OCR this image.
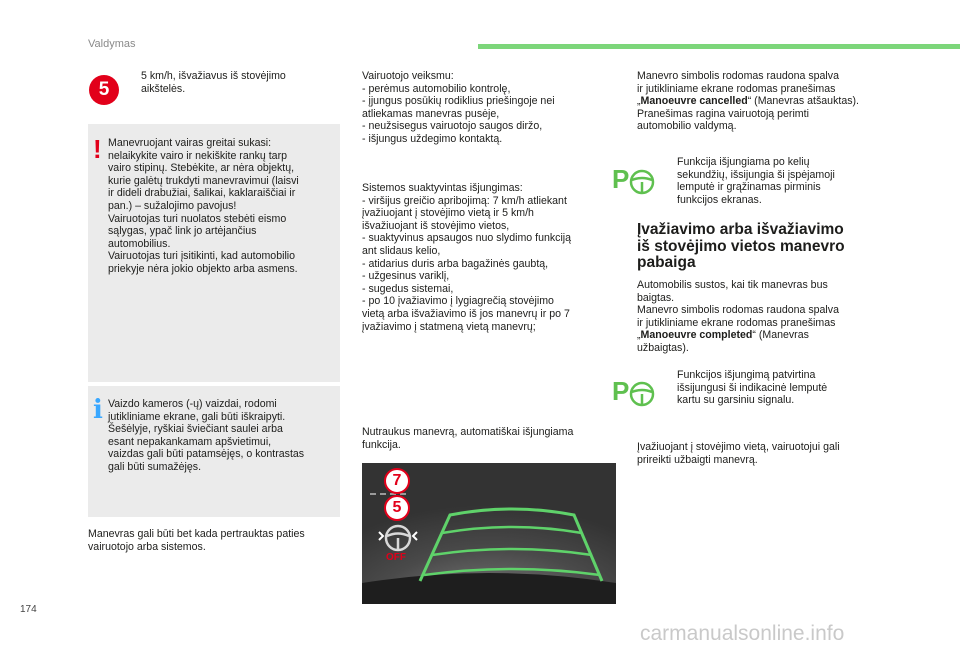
Valdymas
5
5 km/h, išvažiavus iš stovėjimo
aikštelės.
! Manevruojant vairas greitai sukasi:
nelaikykite vairo ir nekiškite rankų tarp
vairo stipinų. Stebėkite, ar nėra objektų,
kurie galėtų trukdyti manevravimui (laisvi
ir dideli drabužiai, šalikai, kaklaraiščiai ir
pan.) – sužalojimo pavojus!
Vairuotojas turi nuolatos stebėti eismo
sąlygas, ypač link jo artėjančius
automobilius.
Vairuotojas turi įsitikinti, kad automobilio
priekyje nėra jokio objekto arba asmens.
i Vaizdo kameros (-ų) vaizdai, rodomi
jutikliniame ekrane, gali būti iškraipyti.
Šešėlyje, ryškiai šviečiant saulei arba
esant nepakankamam apšvietimui,
vaizdas gali būti patamsėjęs, o kontrastas
gali būti sumažėjęs.
Manevras gali būti bet kada pertrauktas paties
vairuotojo arba sistemos.
Vairuotojo veiksmu:
- perėmus automobilio kontrolę,
- įjungus posūkių rodiklius priešingoje nei
atliekamas manevras pusėje,
- neužsisegus vairuotojo saugos diržo,
- išjungus uždegimo kontaktą.
Sistemos suaktyvintas išjungimas:
- viršijus greičio apribojimą: 7 km/h atliekant
įvažiuojant į stovėjimo vietą ir 5 km/h
išvažiuojant iš stovėjimo vietos,
- suaktyvinus apsaugos nuo slydimo funkciją
ant slidaus kelio,
- atidarius duris arba bagažinės gaubtą,
- užgesinus variklį,
- sugedus sistemai,
- po 10 įvažiavimo į lygiagrečią stovėjimo
vietą arba išvažiavimo iš jos manevrų ir po 7
įvažiavimo į statmeną vietą manevrų;
Nutraukus manevrą, automatiškai išjungiama
funkcija.
7
5
OFF
Manevro simbolis rodomas raudona spalva
ir jutikliniame ekrane rodomas pranešimas
„Manoeuvre cancelled“ (Manevras atšauktas).
Pranešimas ragina vairuotoją perimti
automobilio valdymą.
P
Funkcija išjungiama po kelių
sekundžių, išsijungia ši įspėjamoji
lemputė ir grąžinamas pirminis
funkcijos ekranas.
Įvažiavimo arba išvažiavimo
iš stovėjimo vietos manevro
pabaiga
Automobilis sustos, kai tik manevras bus
baigtas.
Manevro simbolis rodomas raudona spalva
ir jutikliniame ekrane rodomas pranešimas
„Manoeuvre completed“ (Manevras
užbaigtas).
P
Funkcijos išjungimą patvirtina
išsijungusi ši indikacinė lemputė
kartu su garsiniu signalu.
Įvažiuojant į stovėjimo vietą, vairuotojui gali
prireikti užbaigti manevrą.
174
carmanualsonline.info
